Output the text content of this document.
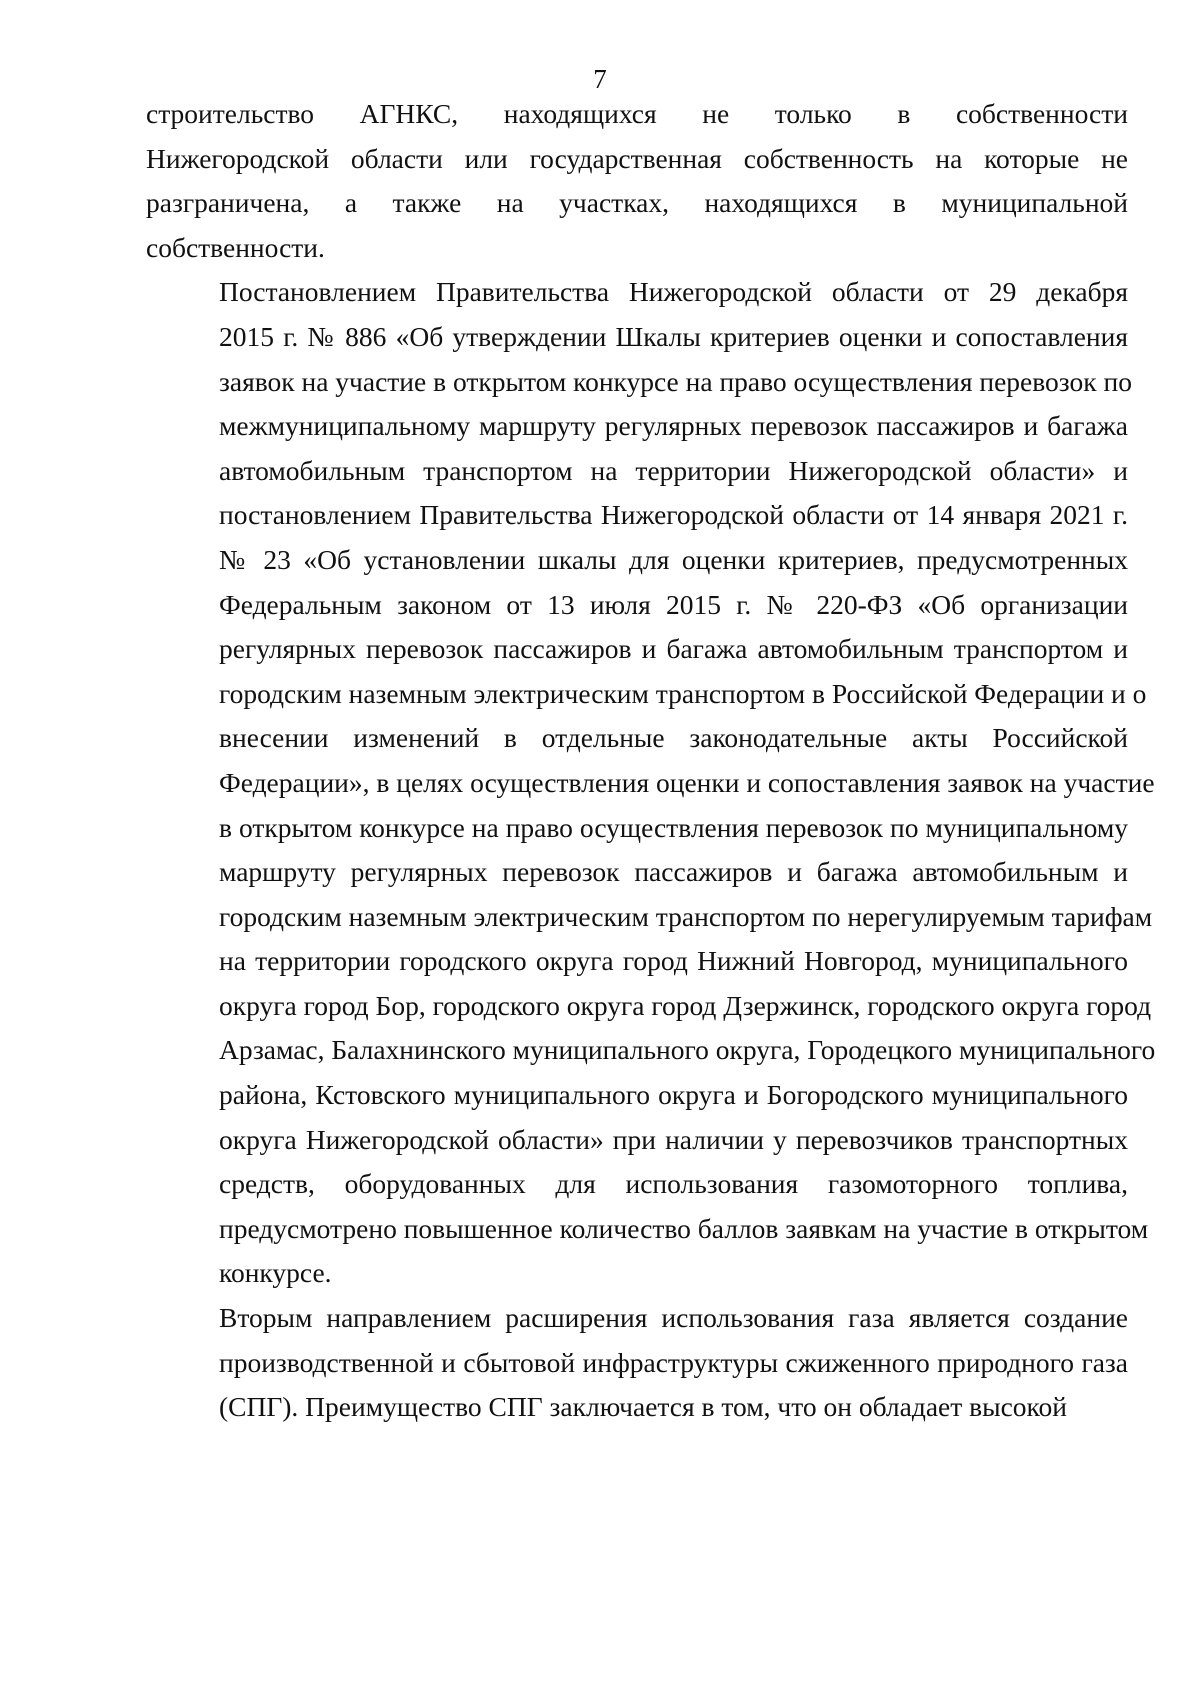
7

строительство АГНКС, находящихся не только в собственности
Нижегородской области или государственная собственность на которые не
разграничена, а также на участках, находящихся в муниципальной
собственности.

Постановлением Правительства Нижегородской области от 29 декабря
2015 г. № 886 «Об утверждении Шкалы критериев оценки и сопоставления
заявок на участие в открытом конкурсе на право осуществления перевозок по
межмуниципальному маршруту регулярных перевозок пассажиров и багажа
автомобильным транспортом на территории Нижегородской области» и
постановлением Правительства Нижегородской области от 14 января 2021 г.
№ 23 «Об установлении шкалы для оценки критериев, предусмотренных
Федеральным законом от 13 июля 2015 г. № 220-ФЗ «Об организации
регулярных перевозок пассажиров и багажа автомобильным транспортом и
городским наземным электрическим транспортом в Российской Федерации и о
внесении изменений в отдельные законодательные акты Российской
Федерации», в целях осуществления оценки и сопоставления заявок на участие
в открытом конкурсе на право осуществления перевозок по муниципальному
маршруту регулярных перевозок пассажиров и багажа автомобильным и
городским наземным электрическим транспортом по нерегулируемым тарифам
на территории городского округа город Нижний Новгород, муниципального
округа город Бор, городского округа город Дзержинск, городского округа город
Арзамас, Балахнинского муниципального округа, Городецкого муниципального
района, Кстовского муниципального округа и Богородского муниципального
округа Нижегородской области» при наличии у перевозчиков транспортных
средств, оборудованных для использования газомоторного топлива,
предусмотрено повышенное количество баллов заявкам на участие в открытом
конкурсе.

Вторым направлением расширения использования газа является создание
производственной и сбытовой инфраструктуры сжиженного природного газа
(СПГ). Преимущество СПГ заключается в том, что он обладает высокой
